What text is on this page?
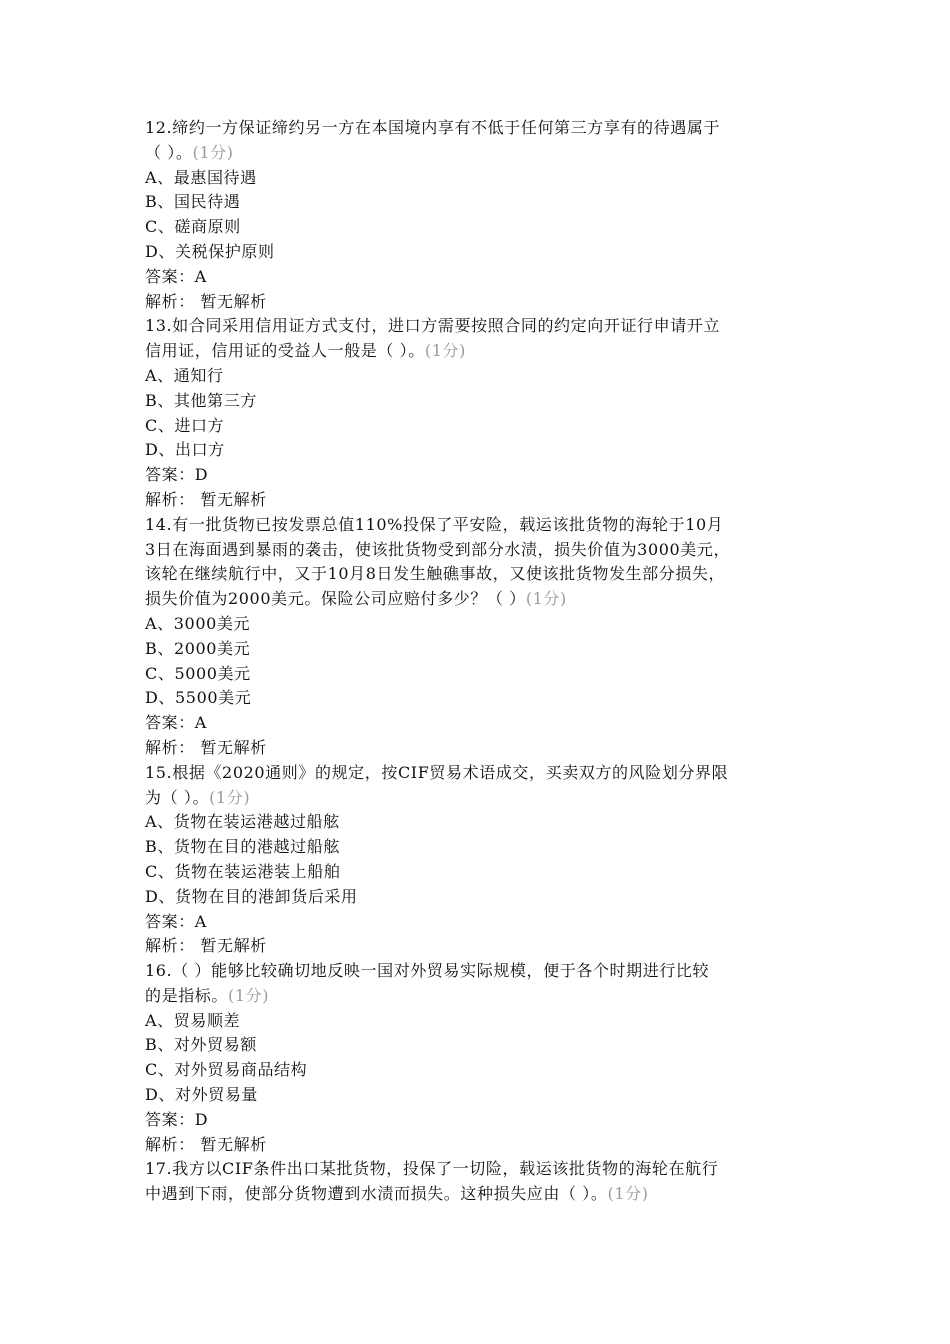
12.缔约一方保证缔约另一方在本国境内享有不低于任何第三方享有的待遇属于
（ ）。(1分)
A、最惠国待遇
B、国民待遇
C、磋商原则
D、关税保护原则
答案：A
解析： 暂无解析
13.如合同采用信用证方式支付，进口方需要按照合同的约定向开证行申请开立
信用证，信用证的受益人一般是（ ）。(1分)
A、通知行
B、其他第三方
C、进口方
D、出口方
答案：D
解析： 暂无解析
14.有一批货物已按发票总值110%投保了平安险，载运该批货物的海轮于10月
3日在海面遇到暴雨的袭击，使该批货物受到部分水渍，损失价值为3000美元，
该轮在继续航行中，又于10月8日发生触礁事故，又使该批货物发生部分损失，
损失价值为2000美元。保险公司应赔付多少？（ ）(1分)
A、3000美元
B、2000美元
C、5000美元
D、5500美元
答案：A
解析： 暂无解析
15.根据《2020通则》的规定，按CIF贸易术语成交，买卖双方的风险划分界限
为（ ）。(1分)
A、货物在装运港越过船舷
B、货物在目的港越过船舷
C、货物在装运港装上船舶
D、货物在目的港卸货后采用
答案：A
解析： 暂无解析
16.（ ）能够比较确切地反映一国对外贸易实际规模，便于各个时期进行比较
的是指标。(1分)
A、贸易顺差
B、对外贸易额
C、对外贸易商品结构
D、对外贸易量
答案：D
解析： 暂无解析
17.我方以CIF条件出口某批货物，投保了一切险，载运该批货物的海轮在航行
中遇到下雨，使部分货物遭到水渍而损失。这种损失应由（ ）。(1分)
